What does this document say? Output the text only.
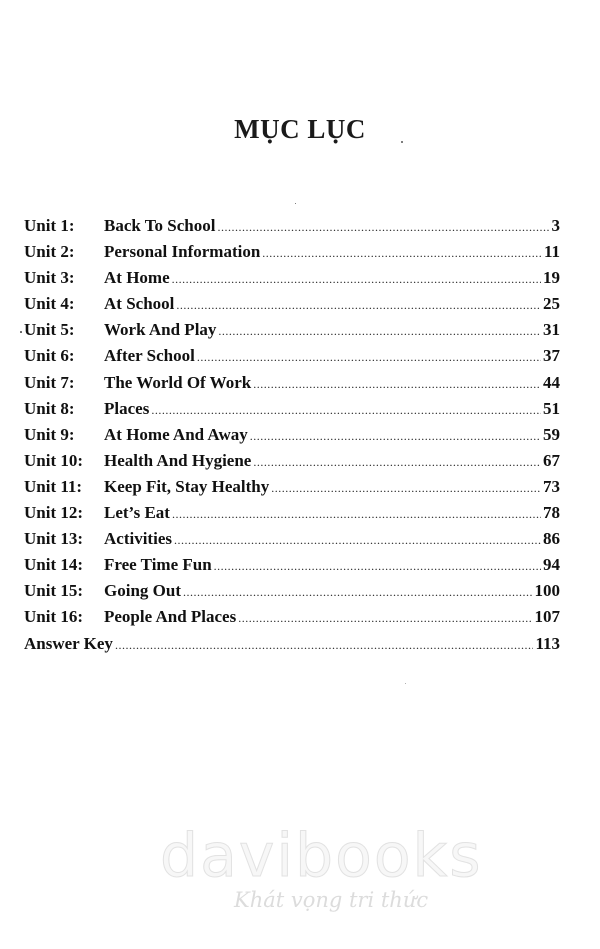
MỤC LỤC
Unit 1:	Back To School .....	3
Unit 2:	Personal Information .....	11
Unit 3:	At Home .....	19
Unit 4:	At School .....	25
Unit 5:	Work And Play .....	31
Unit 6:	After School .....	37
Unit 7:	The World Of Work .....	44
Unit 8:	Places .....	51
Unit 9:	At Home And Away .....	59
Unit 10:	Health And Hygiene .....	67
Unit 11:	Keep Fit, Stay Healthy .....	73
Unit 12:	Let’s Eat .....	78
Unit 13:	Activities .....	86
Unit 14:	Free Time Fun .....	94
Unit 15:	Going Out .....	100
Unit 16:	People And Places .....	107
Answer Key .....	113
davibooks
Khát vọng tri thức
